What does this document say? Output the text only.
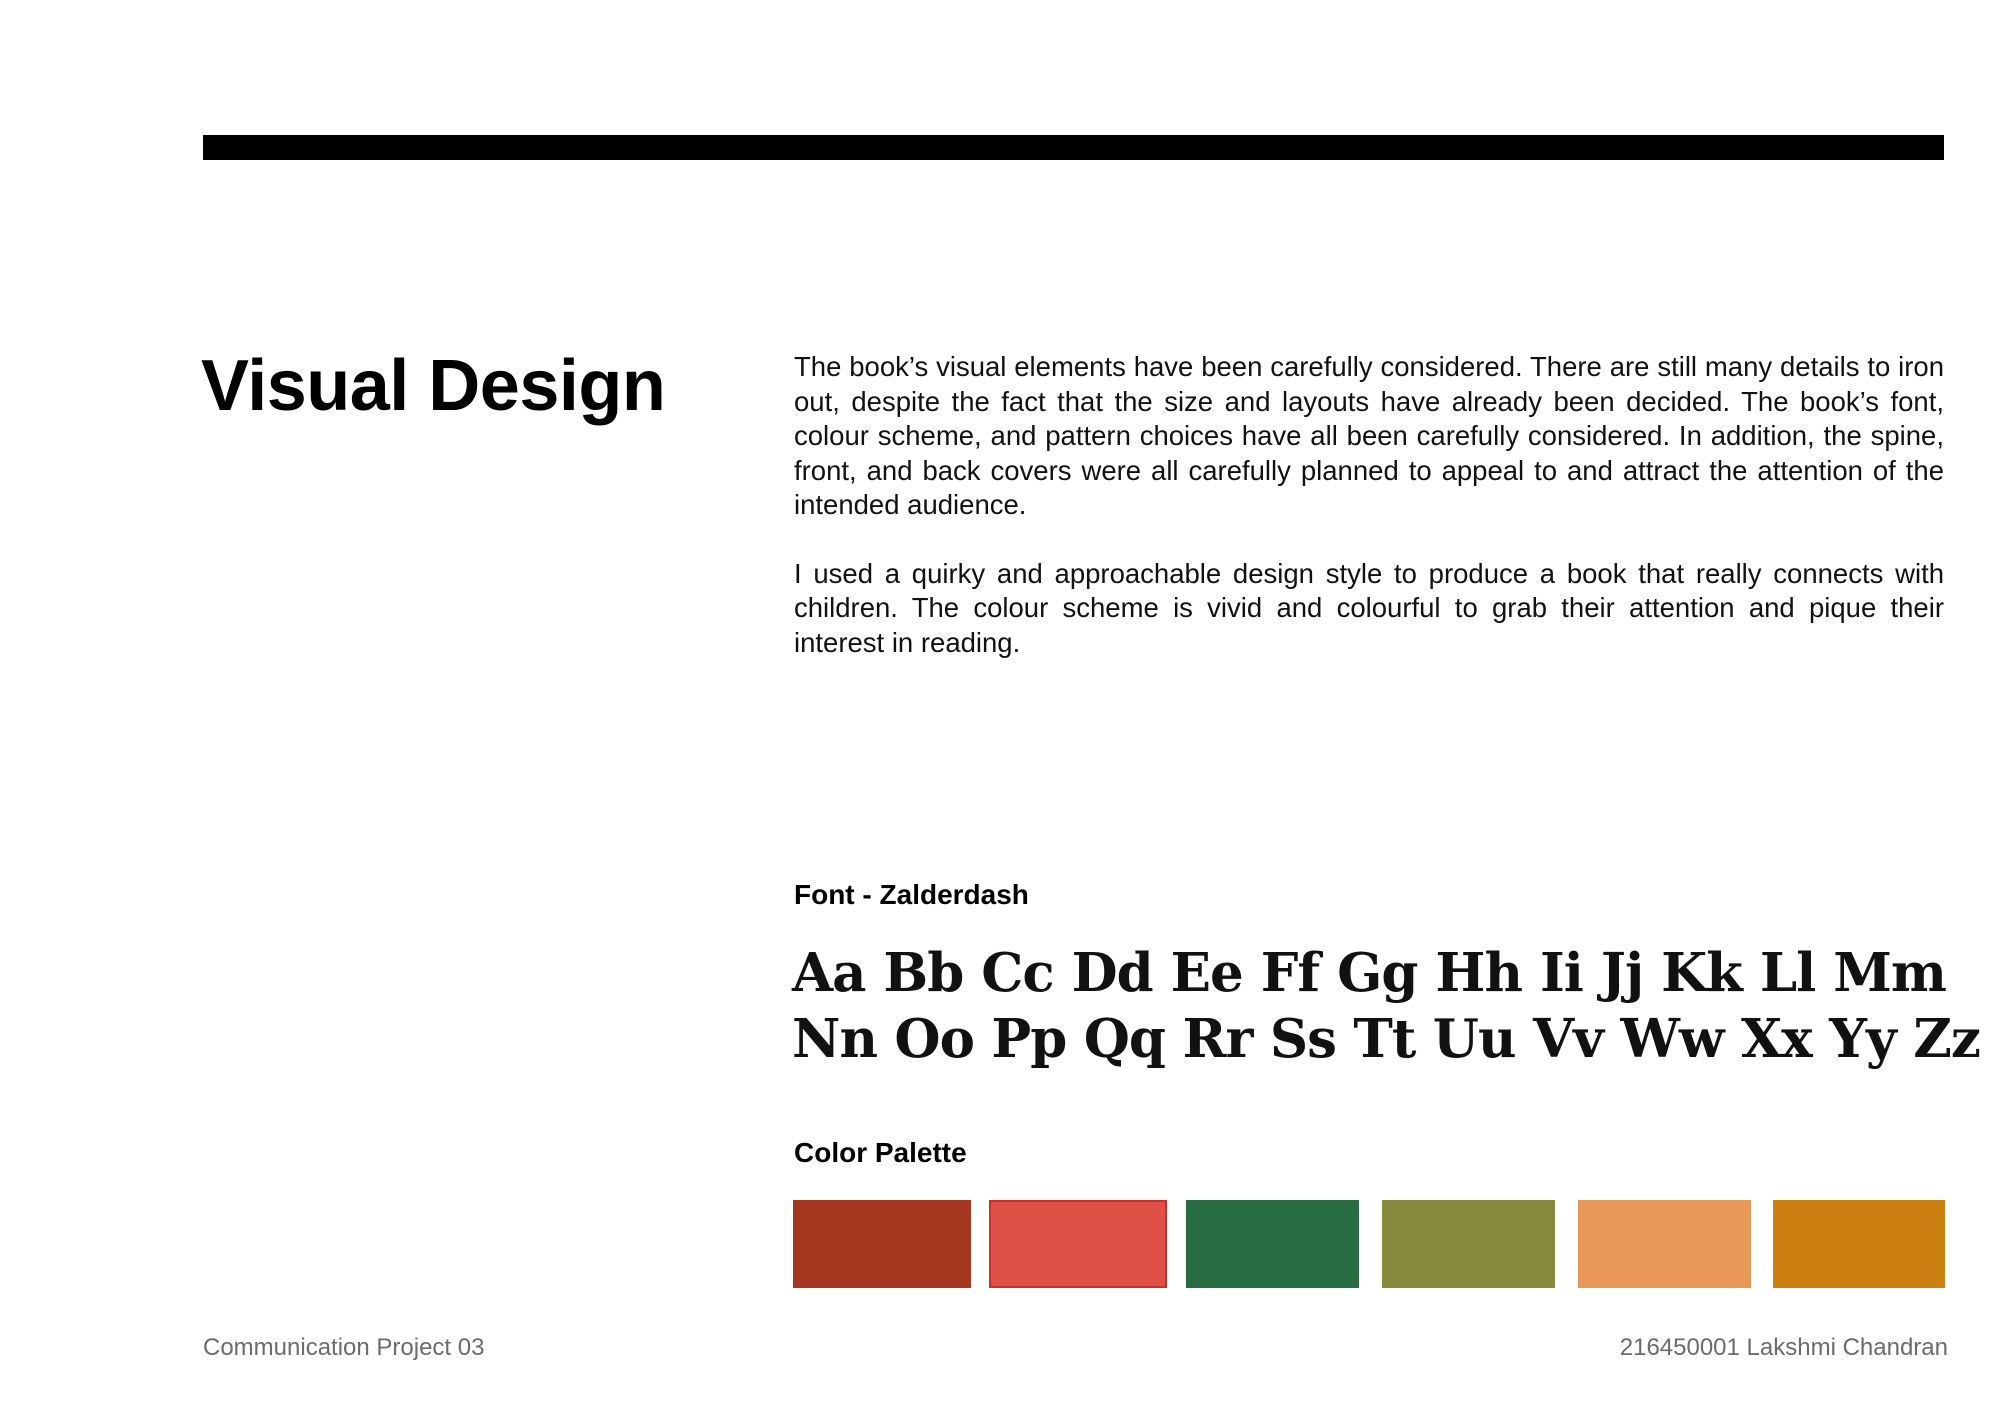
Visual Design	The book’s visual elements have been carefully considered. There are still many details to iron out, despite the fact that the size and layouts have already been decided. The book’s font, colour scheme, and pattern choices have all been carefully considered. In addition, the spine, front, and back covers were all carefully planned to appeal to and attract the attention of the intended audience.

I used a quirky and approachable design style to produce a book that really connects with children. The colour scheme is vivid and colourful to grab their attention and pique their interest in reading.

Font - Zalderdash
Aa Bb Cc Dd Ee Ff Gg Hh Ii Jj Kk Ll Mm
Nn Oo Pp Qq Rr Ss Tt Uu Vv Ww Xx Yy Zz
Color Palette
Communication Project 03	216450001 Lakshmi Chandran
